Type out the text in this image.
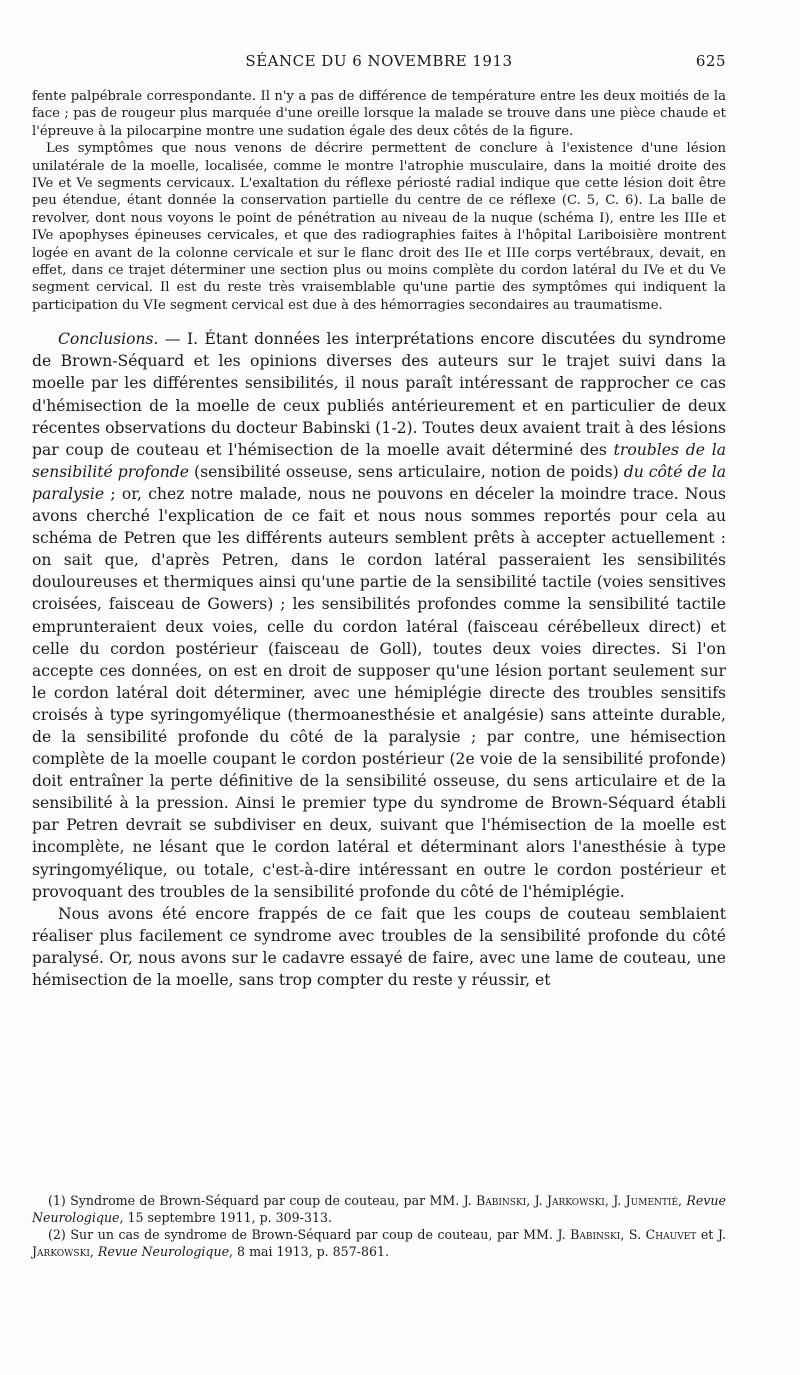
SÉANCE DU 6 NOVEMBRE 1913	625

fente palpébrale correspondante. Il n'y a pas de différence de température entre les deux moitiés de la face ; pas de rougeur plus marquée d'une oreille lorsque la malade se trouve dans une pièce chaude et l'épreuve à la pilocarpine montre une sudation égale des deux côtés de la figure.

Les symptômes que nous venons de décrire permettent de conclure à l'existence d'une lésion unilatérale de la moelle, localisée, comme le montre l'atrophie musculaire, dans la moitié droite des IVe et Ve segments cervicaux. L'exaltation du réflexe périosté radial indique que cette lésion doit être peu étendue, étant donnée la conservation partielle du centre de ce réflexe (C. 5, C. 6). La balle de revolver, dont nous voyons le point de pénétration au niveau de la nuque (schéma I), entre les IIIe et IVe apophyses épineuses cervicales, et que des radiographies faites à l'hôpital Lariboisière montrent logée en avant de la colonne cervicale et sur le flanc droit des IIe et IIIe corps vertébraux, devait, en effet, dans ce trajet déterminer une section plus ou moins complète du cordon latéral du IVe et du Ve segment cervical. Il est du reste très vraisemblable qu'une partie des symptômes qui indiquent la participation du VIe segment cervical est due à des hémorragies secondaires au traumatisme.

Conclusions. — I. Étant données les interprétations encore discutées du syndrome de Brown-Séquard et les opinions diverses des auteurs sur le trajet suivi dans la moelle par les différentes sensibilités, il nous paraît intéressant de rapprocher ce cas d'hémisection de la moelle de ceux publiés antérieurement et en particulier de deux récentes observations du docteur Babinski (1-2). Toutes deux avaient trait à des lésions par coup de couteau et l'hémisection de la moelle avait déterminé des troubles de la sensibilité profonde (sensibilité osseuse, sens articulaire, notion de poids) du côté de la paralysie ; or, chez notre malade, nous ne pouvons en déceler la moindre trace. Nous avons cherché l'explication de ce fait et nous nous sommes reportés pour cela au schéma de Petren que les différents auteurs semblent prêts à accepter actuellement : on sait que, d'après Petren, dans le cordon latéral passeraient les sensibilités douloureuses et thermiques ainsi qu'une partie de la sensibilité tactile (voies sensitives croisées, faisceau de Gowers) ; les sensibilités profondes comme la sensibilité tactile emprunteraient deux voies, celle du cordon latéral (faisceau cérébelleux direct) et celle du cordon postérieur (faisceau de Goll), toutes deux voies directes. Si l'on accepte ces données, on est en droit de supposer qu'une lésion portant seulement sur le cordon latéral doit déterminer, avec une hémiplégie directe des troubles sensitifs croisés à type syringomyélique (thermoanesthésie et analgésie) sans atteinte durable, de la sensibilité profonde du côté de la paralysie ; par contre, une hémisection complète de la moelle coupant le cordon postérieur (2e voie de la sensibilité profonde) doit entraîner la perte définitive de la sensibilité osseuse, du sens articulaire et de la sensibilité à la pression. Ainsi le premier type du syndrome de Brown-Séquard établi par Petren devrait se subdiviser en deux, suivant que l'hémisection de la moelle est incomplète, ne lésant que le cordon latéral et déterminant alors l'anesthésie à type syringomyélique, ou totale, c'est-à-dire intéressant en outre le cordon postérieur et provoquant des troubles de la sensibilité profonde du côté de l'hémiplégie.

Nous avons été encore frappés de ce fait que les coups de couteau semblaient réaliser plus facilement ce syndrome avec troubles de la sensibilité profonde du côté paralysé. Or, nous avons sur le cadavre essayé de faire, avec une lame de couteau, une hémisection de la moelle, sans trop compter du reste y réussir, et

(1) Syndrome de Brown-Séquard par coup de couteau, par MM. J. Babinski, J. Jarkowski, J. Jumentié, Revue Neurologique, 15 septembre 1911, p. 309-313.

(2) Sur un cas de syndrome de Brown-Séquard par coup de couteau, par MM. J. Babinski, S. Chauvet et J. Jarkowski, Revue Neurologique, 8 mai 1913, p. 857-861.
